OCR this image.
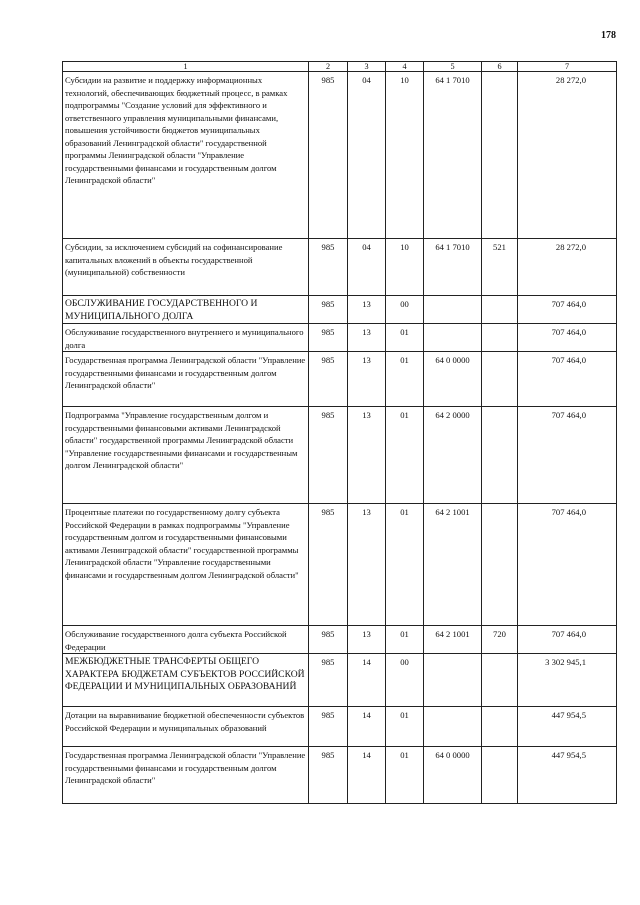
178
1	2	3	4	5	6	7
Субсидии на развитие и поддержку информационных технологий, обеспечивающих бюджетный процесс, в рамках подпрограммы "Создание условий для эффективного и ответственного управления муниципальными финансами, повышения устойчивости бюджетов муниципальных образований Ленинградской области" государственной программы Ленинградской области "Управление государственными финансами и государственным долгом Ленинградской области"	985	04	10	64 1 7010		28 272,0
Субсидии, за исключением субсидий на софинансирование капитальных вложений в объекты государственной (муниципальной) собственности	985	04	10	64 1 7010	521	28 272,0
ОБСЛУЖИВАНИЕ ГОСУДАРСТВЕННОГО И МУНИЦИПАЛЬНОГО ДОЛГА	985	13	00			707 464,0
Обслуживание государственного внутреннего и муниципального долга	985	13	01			707 464,0
Государственная программа Ленинградской области "Управление государственными финансами и государственным долгом Ленинградской области"	985	13	01	64 0 0000		707 464,0
Подпрограмма "Управление государственным долгом и государственными финансовыми активами Ленинградской области" государственной программы Ленинградской области "Управление государственными финансами и государственным долгом Ленинградской области"	985	13	01	64 2 0000		707 464,0
Процентные платежи по государственному долгу субъекта Российской Федерации в рамках подпрограммы "Управление государственным долгом и государственными финансовыми активами Ленинградской области" государственной программы Ленинградской области "Управление государственными финансами и государственным долгом Ленинградской области"	985	13	01	64 2 1001		707 464,0
Обслуживание государственного долга субъекта Российской Федерации	985	13	01	64 2 1001	720	707 464,0
МЕЖБЮДЖЕТНЫЕ ТРАНСФЕРТЫ ОБЩЕГО ХАРАКТЕРА БЮДЖЕТАМ СУБЪЕКТОВ РОССИЙСКОЙ ФЕДЕРАЦИИ И МУНИЦИПАЛЬНЫХ ОБРАЗОВАНИЙ	985	14	00			3 302 945,1
Дотации на выравнивание бюджетной обеспеченности субъектов Российской Федерации и муниципальных образований	985	14	01			447 954,5
Государственная программа Ленинградской области "Управление государственными финансами и государственным долгом Ленинградской области"	985	14	01	64 0 0000		447 954,5
